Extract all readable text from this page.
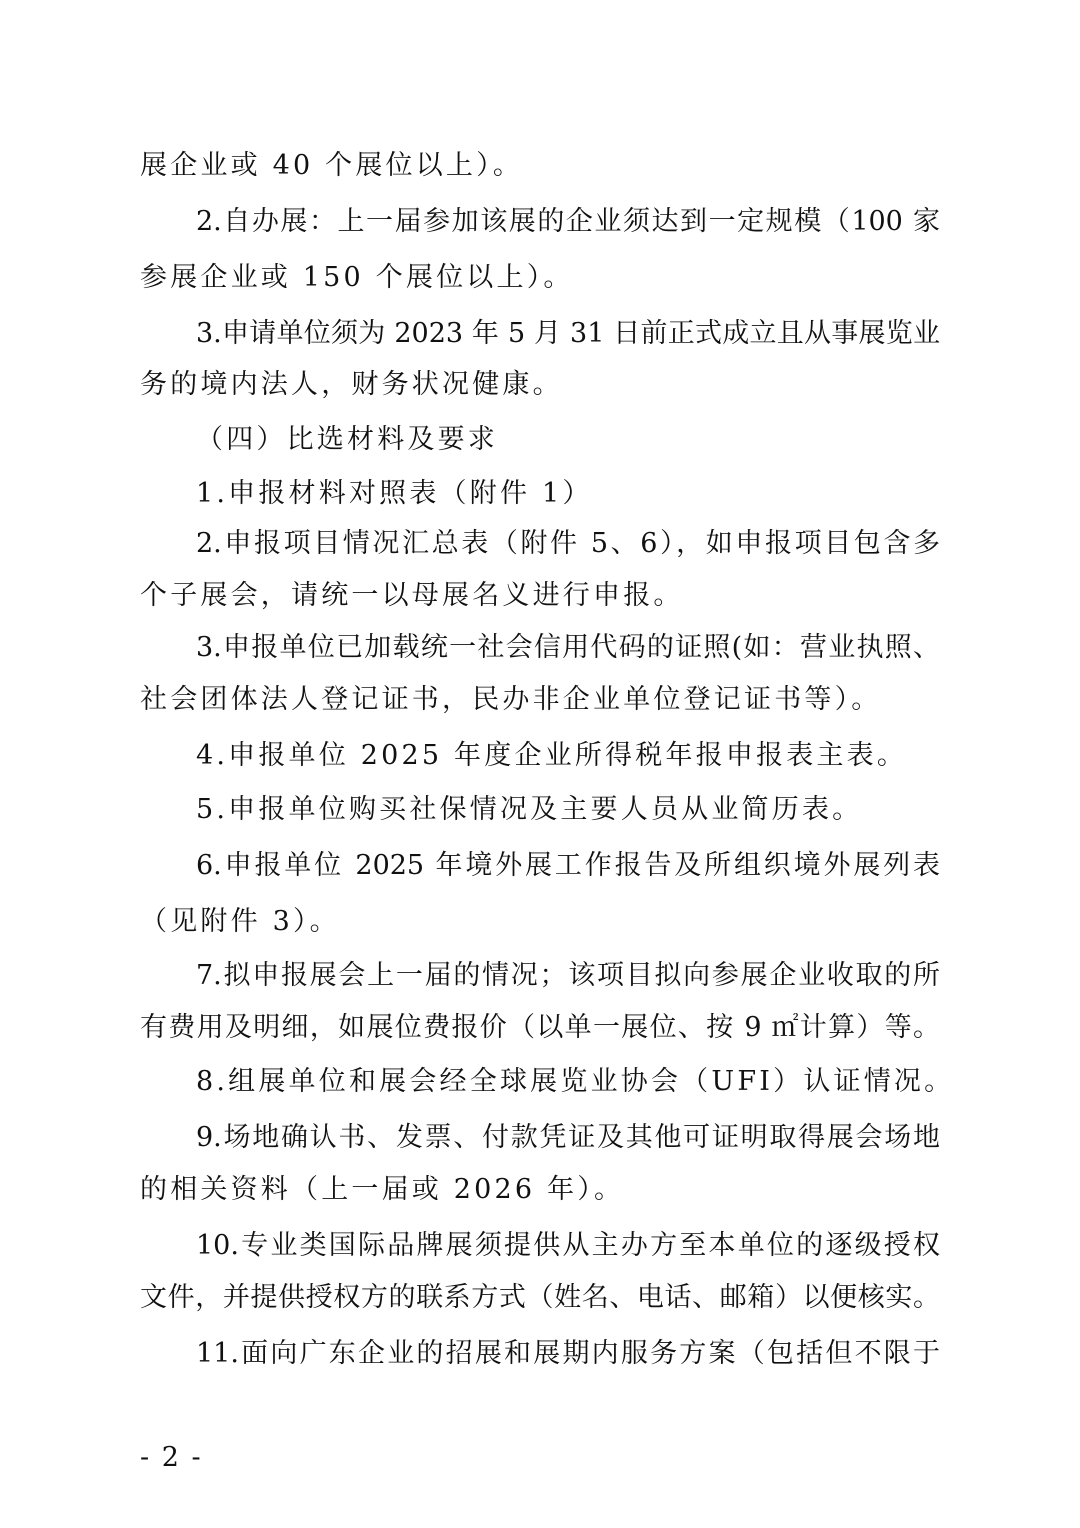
展企业或 40 个展位以上）。
2.自办展：上一届参加该展的企业须达到一定规模（100 家
参展企业或 150 个展位以上）。
3.申请单位须为 2023 年 5 月 31 日前正式成立且从事展览业
务的境内法人，财务状况健康。
（四）比选材料及要求
1.申报材料对照表（附件 1）
2.申报项目情况汇总表（附件 5、6），如申报项目包含多
个子展会，请统一以母展名义进行申报。
3.申报单位已加载统一社会信用代码的证照(如：营业执照、
社会团体法人登记证书，民办非企业单位登记证书等）。
4.申报单位 2025 年度企业所得税年报申报表主表。
5.申报单位购买社保情况及主要人员从业简历表。
6.申报单位 2025 年境外展工作报告及所组织境外展列表
（见附件 3）。
7.拟申报展会上一届的情况；该项目拟向参展企业收取的所
有费用及明细，如展位费报价（以单一展位、按 9 ㎡计算）等。
8.组展单位和展会经全球展览业协会（UFI）认证情况。
9.场地确认书、发票、付款凭证及其他可证明取得展会场地
的相关资料（上一届或 2026 年）。
10.专业类国际品牌展须提供从主办方至本单位的逐级授权
文件，并提供授权方的联系方式（姓名、电话、邮箱）以便核实。
11.面向广东企业的招展和展期内服务方案（包括但不限于
- 2 -
